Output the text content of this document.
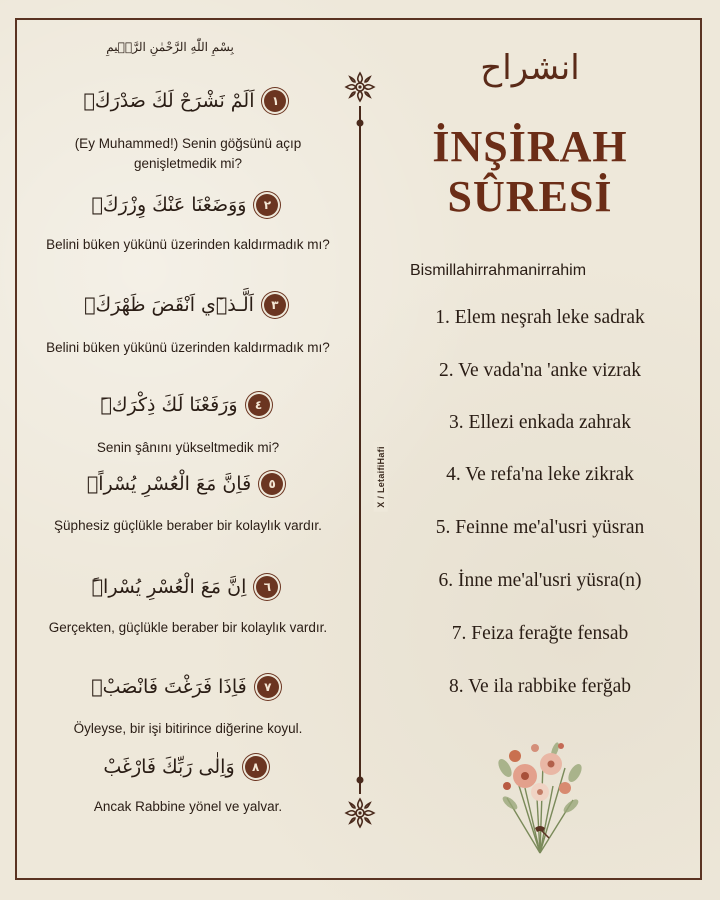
X / LetaifiHafi
بِسْمِ اللّٰهِ الرَّحْمٰنِ الرَّح۪يمِ
اَلَمْ نَشْرَحْ لَكَ صَدْرَكَۙ	١
(Ey Muhammed!) Senin göğsünü açıp genişletmedik mi?
وَوَضَعْنَا عَنْكَ وِزْرَكَۙ	٢
Belini büken yükünü üzerinden kaldırmadık mı?
اَلَّـذ۪ٓي اَنْقَضَ ظَهْرَكَۙ	٣
Belini büken yükünü üzerinden kaldırmadık mı?
وَرَفَعْنَا لَكَ ذِكْرَكَۜ	٤
Senin şânını yükseltmedik mi?
فَاِنَّ مَعَ الْعُسْرِ يُسْراًۙ	٥
Şüphesiz güçlükle beraber bir kolaylık vardır.
اِنَّ مَعَ الْعُسْرِ يُسْراًۜ	٦
Gerçekten, güçlükle beraber bir kolaylık vardır.
فَاِذَا فَرَغْتَ فَانْصَبْۙ	٧
Öyleyse, bir işi bitirince diğerine koyul.
وَاِلٰى رَبِّكَ فَارْغَبْ	٨
Ancak Rabbine yönel ve yalvar.
انشراح
İNŞİRAH
SÛRESİ
Bismillahirrahmanirrahim
1. Elem neşrah leke sadrak
2. Ve vada'na 'anke vizrak
3. Ellezi enkada zahrak
4. Ve refa'na leke zikrak
5. Feinne me'al'usri yüsran
6. İnne me'al'usri yüsra(n)
7. Feiza ferağte fensab
8. Ve ila rabbike ferğab
